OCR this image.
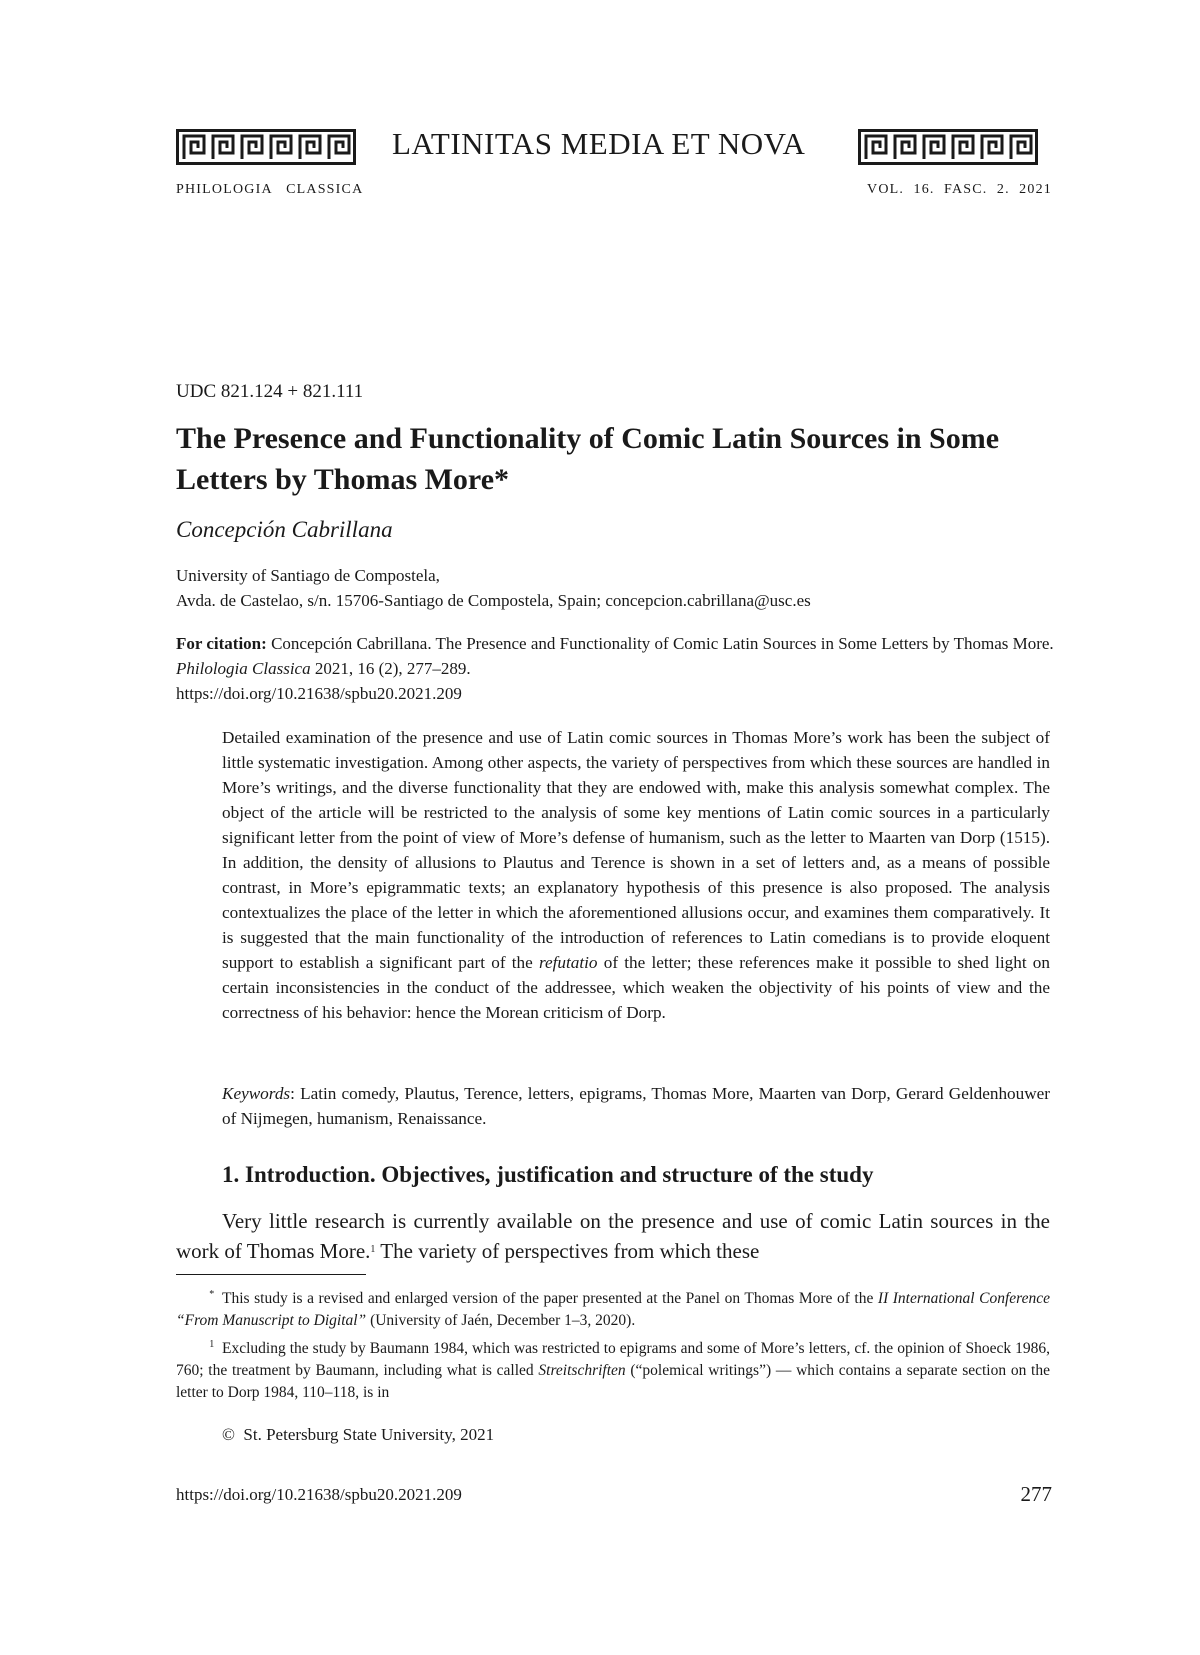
LATINITAS MEDIA ET NOVA
PHILOLOGIA   CLASSICA	VOL.  16.  FASC.  2.  2021
UDC 821.124 + 821.111
The Presence and Functionality of Comic Latin Sources in Some Letters by Thomas More*
Concepción Cabrillana
University of Santiago de Compostela,
Avda. de Castelao, s/n. 15706-Santiago de Compostela, Spain; concepcion.cabrillana@usc.es
For citation: Concepción Cabrillana. The Presence and Functionality of Comic Latin Sources in Some Letters by Thomas More. Philologia Classica 2021, 16 (2), 277–289.
https://doi.org/10.21638/spbu20.2021.209
Detailed examination of the presence and use of Latin comic sources in Thomas More’s work has been the subject of little systematic investigation. Among other aspects, the variety of perspectives from which these sources are handled in More’s writings, and the diverse functionality that they are endowed with, make this analysis somewhat complex. The object of the article will be restricted to the analysis of some key mentions of Latin comic sources in a particularly significant letter from the point of view of More’s defense of humanism, such as the letter to Maarten van Dorp (1515). In addition, the density of allusions to Plautus and Terence is shown in a set of letters and, as a means of possible contrast, in More’s epigrammatic texts; an explanatory hypothesis of this presence is also proposed. The analysis contextualizes the place of the letter in which the aforementioned allusions occur, and examines them comparatively. It is suggested that the main functionality of the introduction of references to Latin comedians is to provide eloquent support to establish a significant part of the refutatio of the letter; these references make it possible to shed light on certain inconsistencies in the conduct of the addressee, which weaken the objectivity of his points of view and the correctness of his behavior: hence the Morean criticism of Dorp.
Keywords: Latin comedy, Plautus, Terence, letters, epigrams, Thomas More, Maarten van Dorp, Gerard Geldenhouwer of Nijmegen, humanism, Renaissance.
1. Introduction. Objectives, justification and structure of the study
Very little research is currently available on the presence and use of comic Latin sources in the work of Thomas More.$^1$ The variety of perspectives from which these
* This study is a revised and enlarged version of the paper presented at the Panel on Thomas More of the II International Conference “From Manuscript to Digital” (University of Jaén, December 1–3, 2020).
$^1$ Excluding the study by Baumann 1984, which was restricted to epigrams and some of More’s letters, cf. the opinion of Shoeck 1986, 760; the treatment by Baumann, including what is called Streitschriften (“polemical writings”) — which contains a separate section on the letter to Dorp 1984, 110–118, is in
©  St. Petersburg State University, 2021
https://doi.org/10.21638/spbu20.2021.209	277
